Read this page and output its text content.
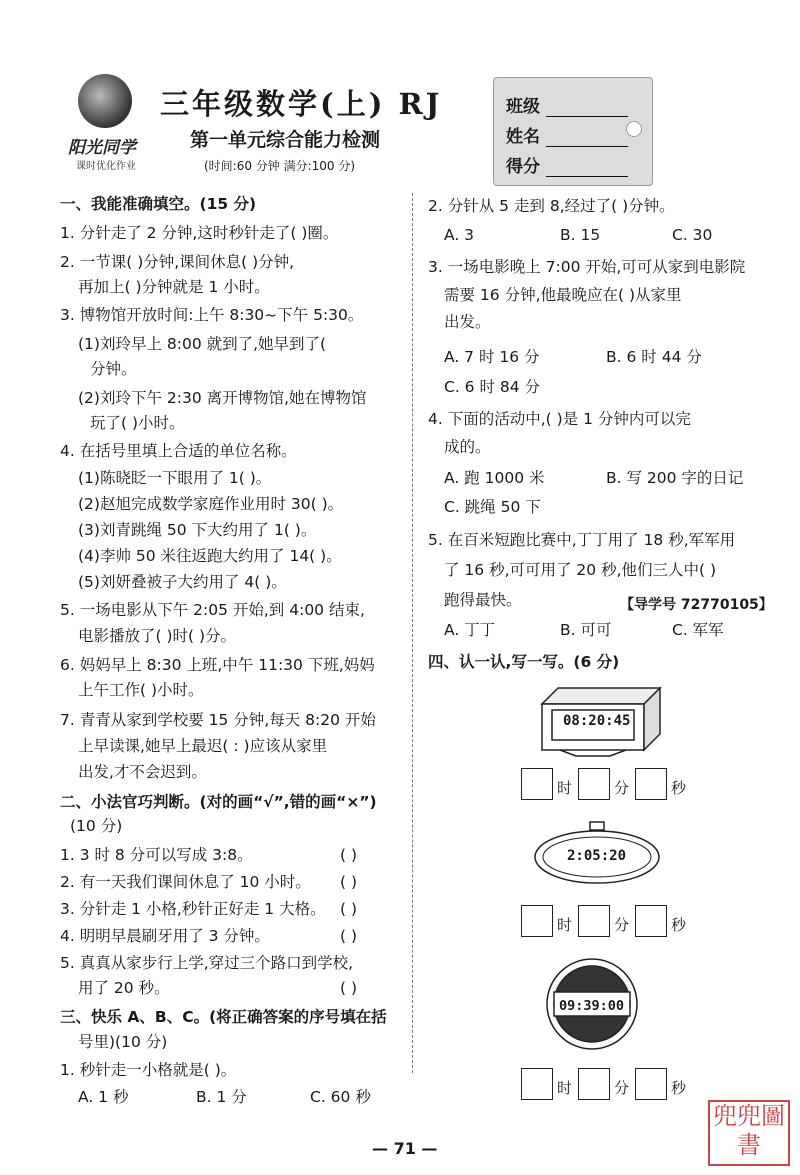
阳光同学
课时优化作业
三年级数学(上) RJ
第一单元综合能力检测
(时间:60 分钟 满分:100 分)
班级
姓名
得分
一、我能准确填空。(15 分)
1. 分针走了 2 分钟,这时秒针走了( )圈。
2. 一节课( )分钟,课间休息( )分钟,
再加上( )分钟就是 1 小时。
3. 博物馆开放时间:上午 8:30~下午 5:30。
(1)刘玲早上 8:00 就到了,她早到了(
分钟。
(2)刘玲下午 2:30 离开博物馆,她在博物馆
玩了( )小时。
4. 在括号里填上合适的单位名称。
(1)陈晓眨一下眼用了 1( )。
(2)赵旭完成数学家庭作业用时 30( )。
(3)刘青跳绳 50 下大约用了 1( )。
(4)李帅 50 米往返跑大约用了 14( )。
(5)刘妍叠被子大约用了 4( )。
5. 一场电影从下午 2:05 开始,到 4:00 结束,
电影播放了( )时( )分。
6. 妈妈早上 8:30 上班,中午 11:30 下班,妈妈
上午工作( )小时。
7. 青青从家到学校要 15 分钟,每天 8:20 开始
上早读课,她早上最迟( : )应该从家里
出发,才不会迟到。
二、小法官巧判断。(对的画“√”,错的画“×”)
(10 分)
1. 3 时 8 分可以写成 3:8。	( )
2. 有一天我们课间休息了 10 小时。 ( )
3. 分针走 1 小格,秒针正好走 1 大格。 ( )
4. 明明早晨刷牙用了 3 分钟。	( )
5. 真真从家步行上学,穿过三个路口到学校,
用了 20 秒。	( )
三、快乐 A、B、C。(将正确答案的序号填在括
号里)(10 分)
1. 秒针走一小格就是( )。
A. 1 秒	B. 1 分	C. 60 秒
2. 分针从 5 走到 8,经过了( )分钟。
A. 3	B. 15	C. 30
3. 一场电影晚上 7:00 开始,可可从家到电影院
需要 16 分钟,他最晚应在( )从家里
出发。
A. 7 时 16 分	B. 6 时 44 分
C. 6 时 84 分
4. 下面的活动中,( )是 1 分钟内可以完
成的。
A. 跑 1000 米	B. 写 200 字的日记
C. 跳绳 50 下
5. 在百米短跑比赛中,丁丁用了 18 秒,军军用
了 16 秒,可可用了 20 秒,他们三人中( )
跑得最快。	【导学号 72770105】
A. 丁丁	B. 可可	C. 军军
四、认一认,写一写。(6 分)
08:20:45
时	分	秒
2:05:20
时	分	秒
09:39:00
时	分	秒
— 71 —
兜兜圖書
